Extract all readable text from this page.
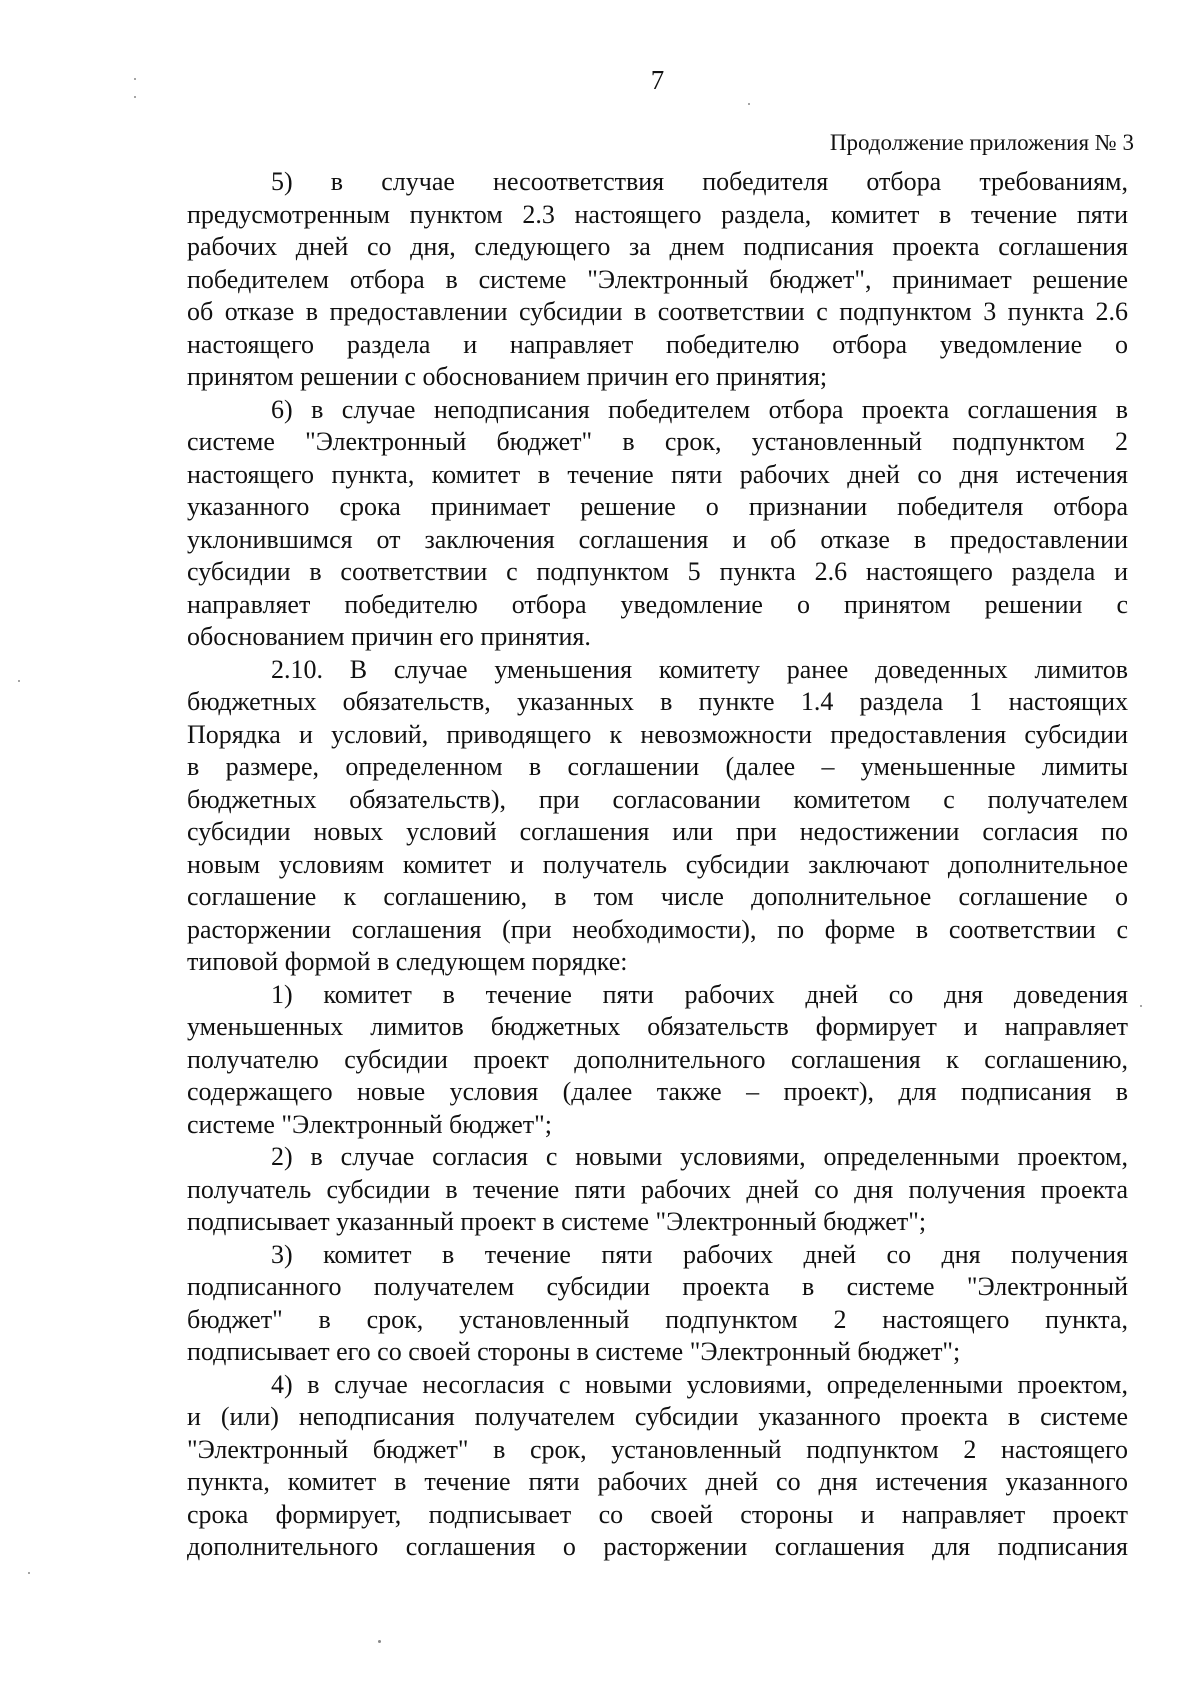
7
Продолжение приложения № 3
5) в случае несоответствия победителя отбора требованиям,
предусмотренным пунктом 2.3 настоящего раздела, комитет в течение пяти
рабочих дней со дня, следующего за днем подписания проекта соглашения
победителем отбора в системе "Электронный бюджет", принимает решение
об отказе в предоставлении субсидии в соответствии с подпунктом 3 пункта 2.6
настоящего раздела и направляет победителю отбора уведомление о
принятом решении с обоснованием причин его принятия;
6) в случае неподписания победителем отбора проекта соглашения в
системе "Электронный бюджет" в срок, установленный подпунктом 2
настоящего пункта, комитет в течение пяти рабочих дней со дня истечения
указанного срока принимает решение о признании победителя отбора
уклонившимся от заключения соглашения и об отказе в предоставлении
субсидии в соответствии с подпунктом 5 пункта 2.6 настоящего раздела и
направляет победителю отбора уведомление о принятом решении с
обоснованием причин его принятия.
2.10. В случае уменьшения комитету ранее доведенных лимитов
бюджетных обязательств, указанных в пункте 1.4 раздела 1 настоящих
Порядка и условий, приводящего к невозможности предоставления субсидии
в размере, определенном в соглашении (далее – уменьшенные лимиты
бюджетных обязательств), при согласовании комитетом с получателем
субсидии новых условий соглашения или при недостижении согласия по
новым условиям комитет и получатель субсидии заключают дополнительное
соглашение к соглашению, в том числе дополнительное соглашение о
расторжении соглашения (при необходимости), по форме в соответствии с
типовой формой в следующем порядке:
1) комитет в течение пяти рабочих дней со дня доведения
уменьшенных лимитов бюджетных обязательств формирует и направляет
получателю субсидии проект дополнительного соглашения к соглашению,
содержащего новые условия (далее также – проект), для подписания в
системе "Электронный бюджет";
2) в случае согласия с новыми условиями, определенными проектом,
получатель субсидии в течение пяти рабочих дней со дня получения проекта
подписывает указанный проект в системе "Электронный бюджет";
3) комитет в течение пяти рабочих дней со дня получения
подписанного получателем субсидии проекта в системе "Электронный
бюджет" в срок, установленный подпунктом 2 настоящего пункта,
подписывает его со своей стороны в системе "Электронный бюджет";
4) в случае несогласия с новыми условиями, определенными проектом,
и (или) неподписания получателем субсидии указанного проекта в системе
"Электронный бюджет" в срок, установленный подпунктом 2 настоящего
пункта, комитет в течение пяти рабочих дней со дня истечения указанного
срока формирует, подписывает со своей стороны и направляет проект
дополнительного соглашения о расторжении соглашения для подписания
